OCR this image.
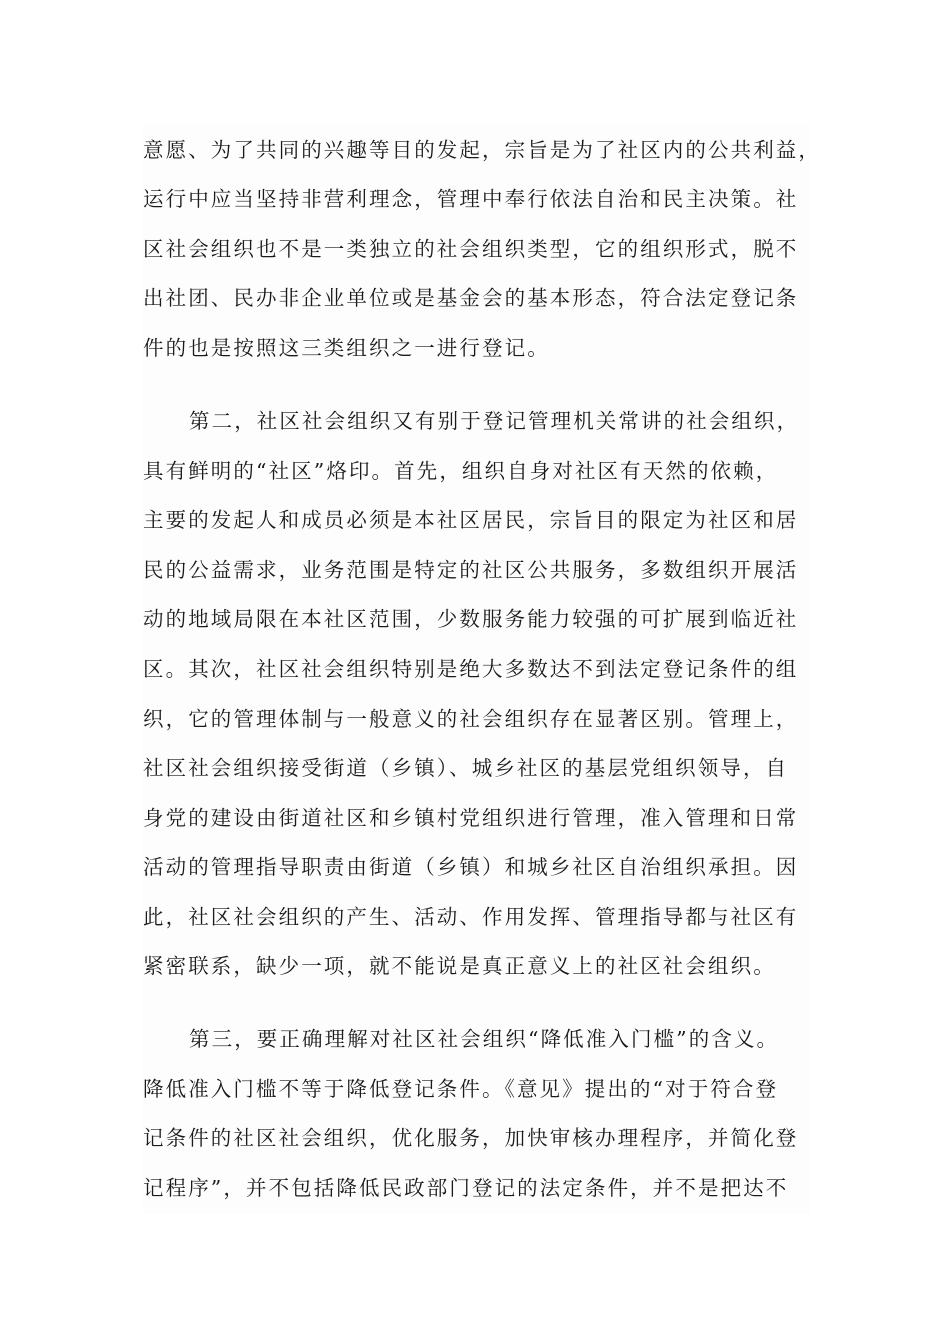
意愿、为了共同的兴趣等目的发起，宗旨是为了社区内的公共利益，
运行中应当坚持非营利理念，管理中奉行依法自治和民主决策。社
区社会组织也不是一类独立的社会组织类型，它的组织形式，脱不
出社团、民办非企业单位或是基金会的基本形态，符合法定登记条
件的也是按照这三类组织之一进行登记。
第二，社区社会组织又有别于登记管理机关常讲的社会组织，
具有鲜明的“社区”烙印。首先，组织自身对社区有天然的依赖，
主要的发起人和成员必须是本社区居民，宗旨目的限定为社区和居
民的公益需求，业务范围是特定的社区公共服务，多数组织开展活
动的地域局限在本社区范围，少数服务能力较强的可扩展到临近社
区。其次，社区社会组织特别是绝大多数达不到法定登记条件的组
织，它的管理体制与一般意义的社会组织存在显著区别。管理上，
社区社会组织接受街道（乡镇）、城乡社区的基层党组织领导，自
身党的建设由街道社区和乡镇村党组织进行管理，准入管理和日常
活动的管理指导职责由街道（乡镇）和城乡社区自治组织承担。因
此，社区社会组织的产生、活动、作用发挥、管理指导都与社区有
紧密联系，缺少一项，就不能说是真正意义上的社区社会组织。
第三，要正确理解对社区社会组织“降低准入门槛”的含义。
降低准入门槛不等于降低登记条件。《意见》提出的“对于符合登
记条件的社区社会组织，优化服务，加快审核办理程序，并简化登
记程序”，并不包括降低民政部门登记的法定条件，并不是把达不
